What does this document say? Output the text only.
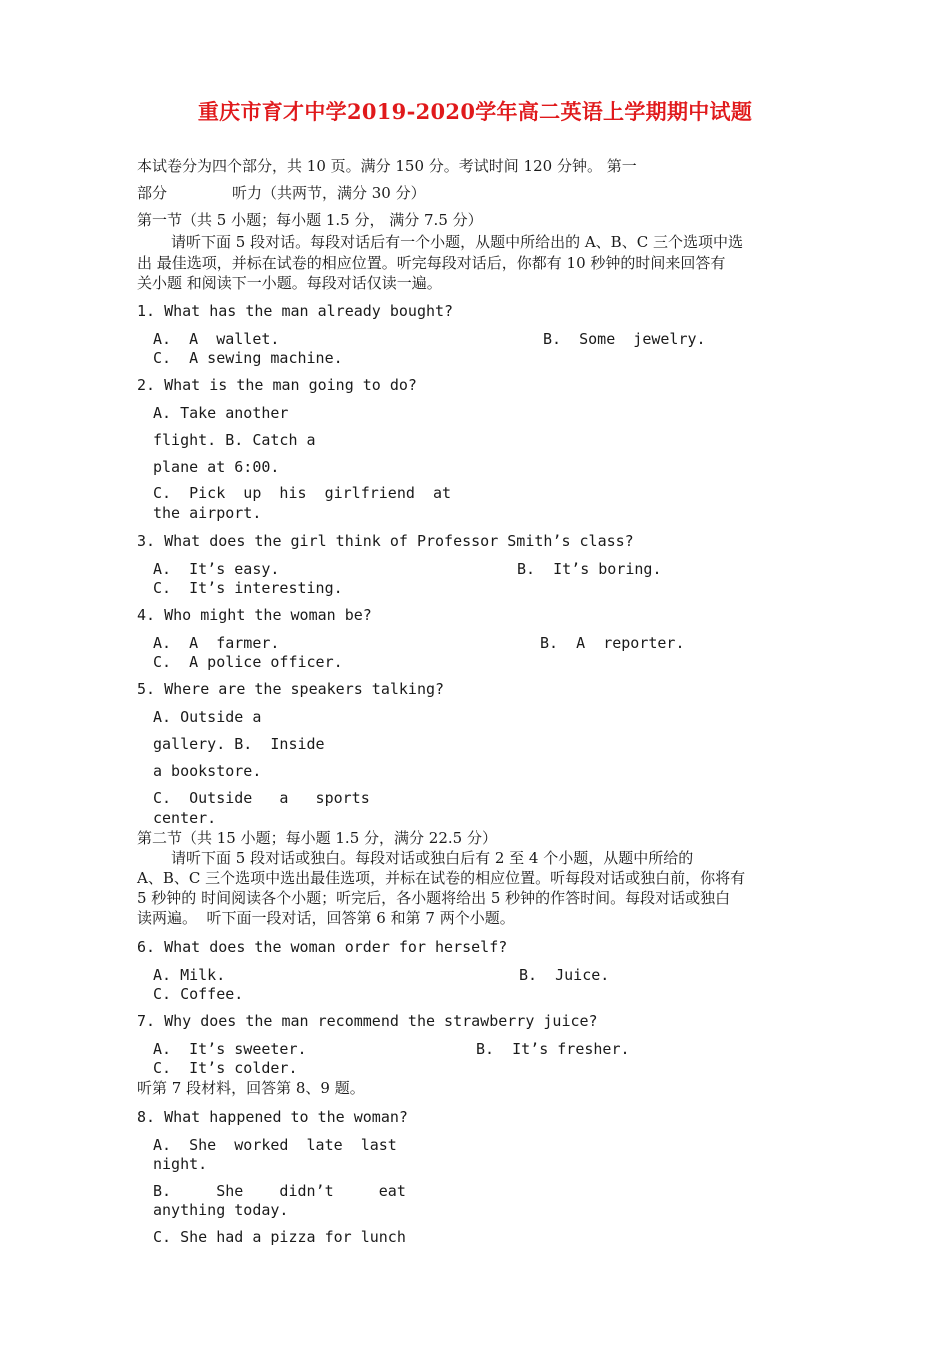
重庆市育才中学2019-2020学年高二英语上学期期中试题
本试卷分为四个部分，共 10 页。满分 150 分。考试时间 120 分钟。 第一
部分	听力（共两节，满分 30 分）
第一节（共 5 小题；每小题 1.5 分， 满分 7.5 分）
请听下面 5 段对话。每段对话后有一个小题，从题中所给出的 A、B、C 三个选项中选
出 最佳选项，并标在试卷的相应位置。听完每段对话后，你都有 10 秒钟的时间来回答有
关小题 和阅读下一小题。每段对话仅读一遍。
1. What has the man already bought?
A.  A  wallet.	B.  Some  jewelry.
C.  A sewing machine.
2. What is the man going to do?
A. Take another
flight. B. Catch a
plane at 6:00.
C.  Pick  up  his  girlfriend  at
the airport.
3. What does the girl think of Professor Smith’s class?
A.  It’s easy.	B.  It’s boring.
C.  It’s interesting.
4. Who might the woman be?
A.  A  farmer.	B.  A  reporter.
C.  A police officer.
5. Where are the speakers talking?
A. Outside a
gallery. B.  Inside
a bookstore.
C.  Outside   a   sports
center.
第二节（共 15 小题；每小题 1.5 分，满分 22.5 分）
请听下面 5 段对话或独白。每段对话或独白后有 2 至 4 个小题，从题中所给的
A、B、C 三个选项中选出最佳选项，并标在试卷的相应位置。听每段对话或独白前，你将有
5 秒钟的 时间阅读各个小题；听完后，各小题将给出 5 秒钟的作答时间。每段对话或独白
读两遍。  听下面一段对话，回答第 6 和第 7 两个小题。
6. What does the woman order for herself?
A. Milk.	B.  Juice.
C. Coffee.
7. Why does the man recommend the strawberry juice?
A.  It’s sweeter.	B.  It’s fresher.
C.  It’s colder.
听第 7 段材料，回答第 8、9 题。
8. What happened to the woman?
A.  She  worked  late  last
night.
B.     She    didn’t     eat
anything today.
C. She had a pizza for lunch
